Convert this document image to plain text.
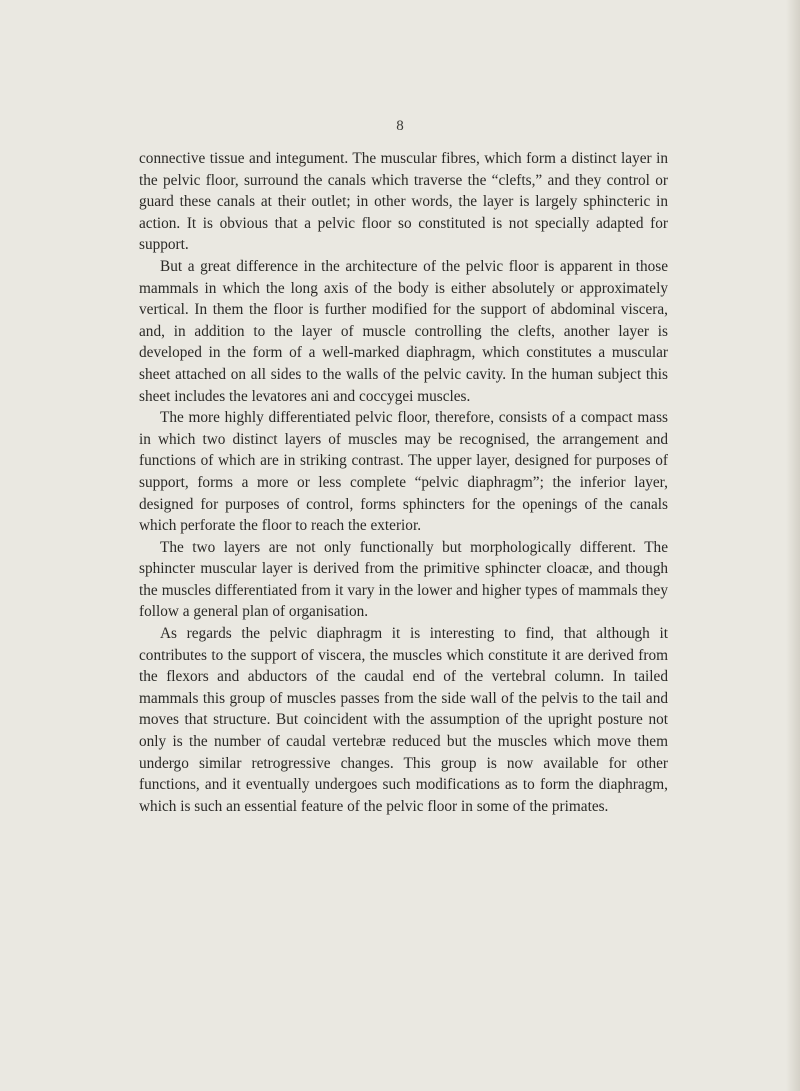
8

connective tissue and integument. The muscular fibres, which form a distinct layer in the pelvic floor, surround the canals which traverse the “clefts,” and they control or guard these canals at their outlet; in other words, the layer is largely sphincteric in action. It is obvious that a pelvic floor so constituted is not specially adapted for support.

But a great difference in the architecture of the pelvic floor is apparent in those mammals in which the long axis of the body is either absolutely or approximately vertical. In them the floor is further modified for the support of abdominal viscera, and, in addition to the layer of muscle controlling the clefts, another layer is developed in the form of a well-marked diaphragm, which constitutes a muscular sheet attached on all sides to the walls of the pelvic cavity. In the human subject this sheet includes the levatores ani and coccygei muscles.

The more highly differentiated pelvic floor, therefore, consists of a compact mass in which two distinct layers of muscles may be recognised, the arrangement and functions of which are in striking contrast. The upper layer, designed for purposes of support, forms a more or less complete “pelvic diaphragm”; the inferior layer, designed for purposes of control, forms sphincters for the openings of the canals which perforate the floor to reach the exterior.

The two layers are not only functionally but morphologically different. The sphincter muscular layer is derived from the primitive sphincter cloacæ, and though the muscles differentiated from it vary in the lower and higher types of mammals they follow a general plan of organisation.

As regards the pelvic diaphragm it is interesting to find, that although it contributes to the support of viscera, the muscles which constitute it are derived from the flexors and abductors of the caudal end of the vertebral column. In tailed mammals this group of muscles passes from the side wall of the pelvis to the tail and moves that structure. But coincident with the assumption of the upright posture not only is the number of caudal vertebræ reduced but the muscles which move them undergo similar retrogressive changes. This group is now available for other functions, and it eventually undergoes such modifications as to form the diaphragm, which is such an essential feature of the pelvic floor in some of the primates.
